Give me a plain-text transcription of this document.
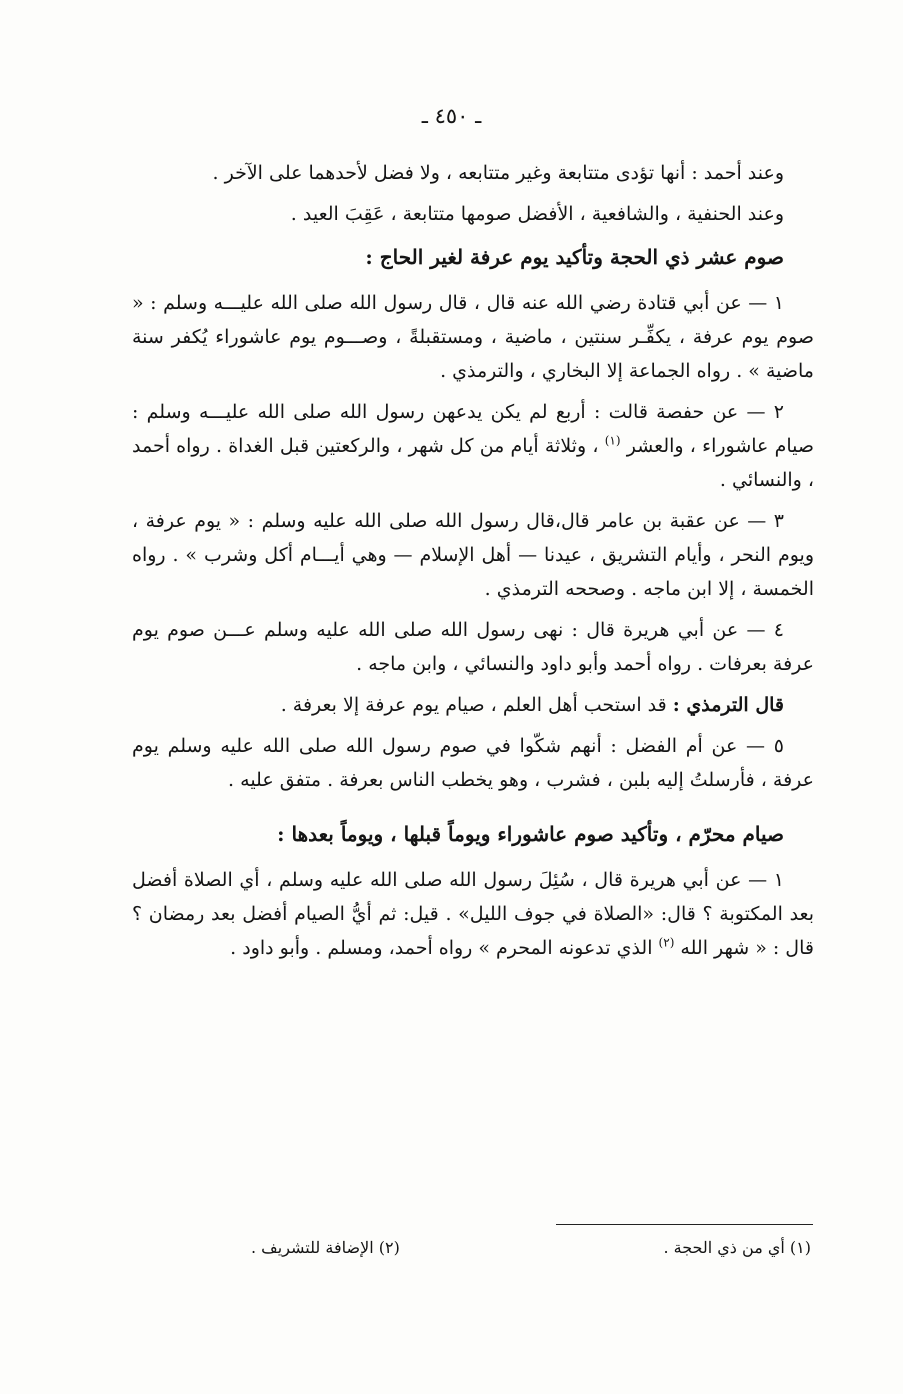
ـ ٤٥٠ ـ

وعند أحمد : أنها تؤدى متتابعة وغير متتابعه ، ولا فضل لأحدهما على الآخر .

وعند الحنفية ، والشافعية ، الأفضل صومها متتابعة ، عَقِبَ العيد .

صوم عشر ذي الحجة وتأكيد يوم عرفة لغير الحاج :

١ — عن أبي قتادة رضي الله عنه قال ، قال رسول الله صلى الله عليـــه وسلم : « صوم يوم عرفة ، يكفِّـر سنتين ، ماضية ، ومستقبلةً ، وصـــوم يوم عاشوراء يُكفر سنة ماضية » . رواه الجماعة إلا البخاري ، والترمذي .

٢ — عن حفصة قالت : أربع لم يكن يدعهن رسول الله صلى الله عليـــه وسلم : صيام عاشوراء ، والعشر $^{(١)}$ ، وثلاثة أيام من كل شهر ، والركعتين قبل الغداة . رواه أحمد ، والنسائي .

٣ — عن عقبة بن عامر قال،قال رسول الله صلى الله عليه وسلم : « يوم عرفة ، ويوم النحر ، وأيام التشريق ، عيدنا — أهل الإسلام — وهي أيـــام أكل وشرب » . رواه الخمسة ، إلا ابن ماجه . وصححه الترمذي .

٤ — عن أبي هريرة قال : نهى رسول الله صلى الله عليه وسلم عـــن صوم يوم عرفة بعرفات . رواه أحمد وأبو داود والنسائي ، وابن ماجه .

قال الترمذي : قد استحب أهل العلم ، صيام يوم عرفة إلا بعرفة .

٥ — عن أم الفضل : أنهم شكّوا في صوم رسول الله صلى الله عليه وسلم يوم عرفة ، فأرسلتُ إليه بلبن ، فشرب ، وهو يخطب الناس بعرفة . متفق عليه .

صيام محرّم ، وتأكيد صوم عاشوراء ويوماً قبلها ، ويوماً بعدها :

١ — عن أبي هريرة قال ، سُئِلَ رسول الله صلى الله عليه وسلم ، أي الصلاة أفضل بعد المكتوبة ؟ قال: «الصلاة في جوف الليل» . قيل: ثم أيُّ الصيام أفضل بعد رمضان ؟ قال : « شهر الله $^{(٢)}$ الذي تدعونه المحرم » رواه أحمد، ومسلم . وأبو داود .

(١) أي من ذي الحجة .
(٢) الإضافة للتشريف .
